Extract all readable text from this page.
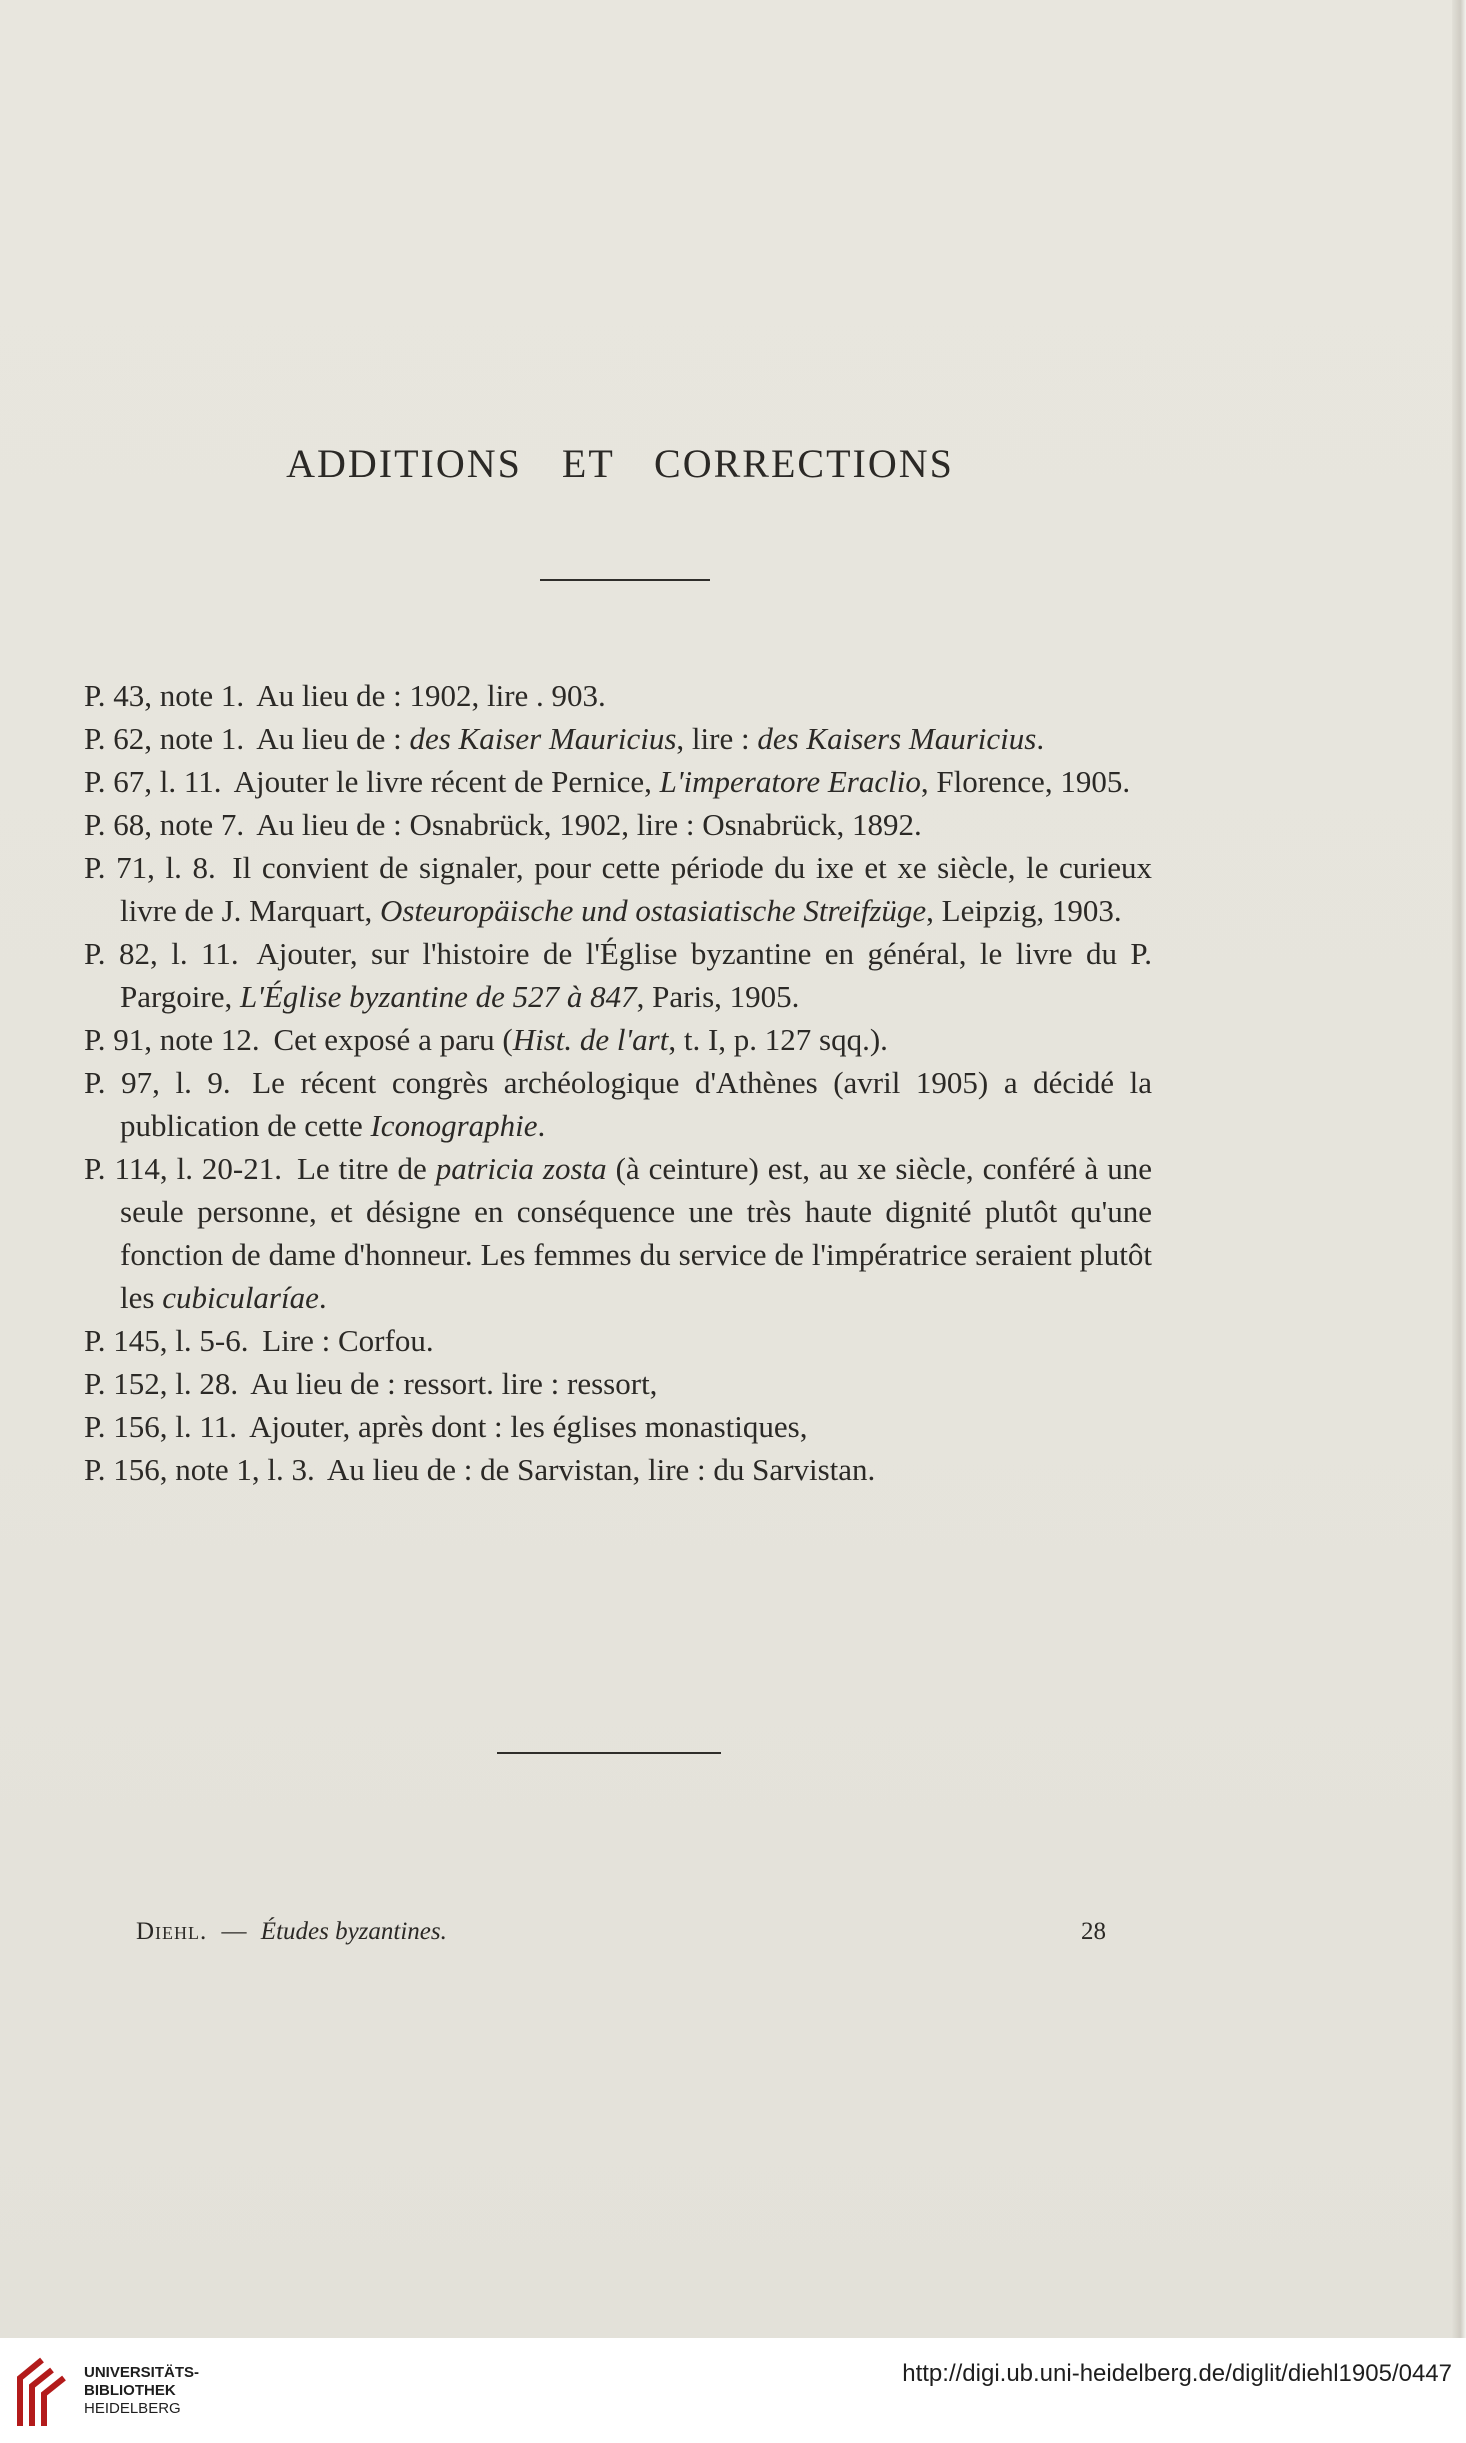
ADDITIONS ET CORRECTIONS

P. 43, note 1. Au lieu de : 1902, lire . 903.

P. 62, note 1. Au lieu de : des Kaiser Mauricius, lire : des Kaisers Mauricius.

P. 67, l. 11. Ajouter le livre récent de Pernice, L'imperatore Eraclio, Florence, 1905.

P. 68, note 7. Au lieu de : Osnabrück, 1902, lire : Osnabrück, 1892.

P. 71, l. 8. Il convient de signaler, pour cette période du ixe et xe siècle, le curieux livre de J. Marquart, Osteuropäische und ostasiatische Streifzüge, Leipzig, 1903.

P. 82, l. 11. Ajouter, sur l'histoire de l'Église byzantine en général, le livre du P. Pargoire, L'Église byzantine de 527 à 847, Paris, 1905.

P. 91, note 12. Cet exposé a paru (Hist. de l'art, t. I, p. 127 sqq.).

P. 97, l. 9. Le récent congrès archéologique d'Athènes (avril 1905) a décidé la publication de cette Iconographie.

P. 114, l. 20-21. Le titre de patricia zosta (à ceinture) est, au xe siècle, conféré à une seule personne, et désigne en conséquence une très haute dignité plutôt qu'une fonction de dame d'honneur. Les femmes du service de l'impératrice seraient plutôt les cubicularíae.

P. 145, l. 5-6. Lire : Corfou.

P. 152, l. 28. Au lieu de : ressort. lire : ressort,

P. 156, l. 11. Ajouter, après dont : les églises monastiques,

P. 156, note 1, l. 3. Au lieu de : de Sarvistan, lire : du Sarvistan.

Diehl. — Études byzantines.	28
UNIVERSITÄTS-
BIBLIOTHEK
HEIDELBERG
http://digi.ub.uni-heidelberg.de/diglit/diehl1905/0447
